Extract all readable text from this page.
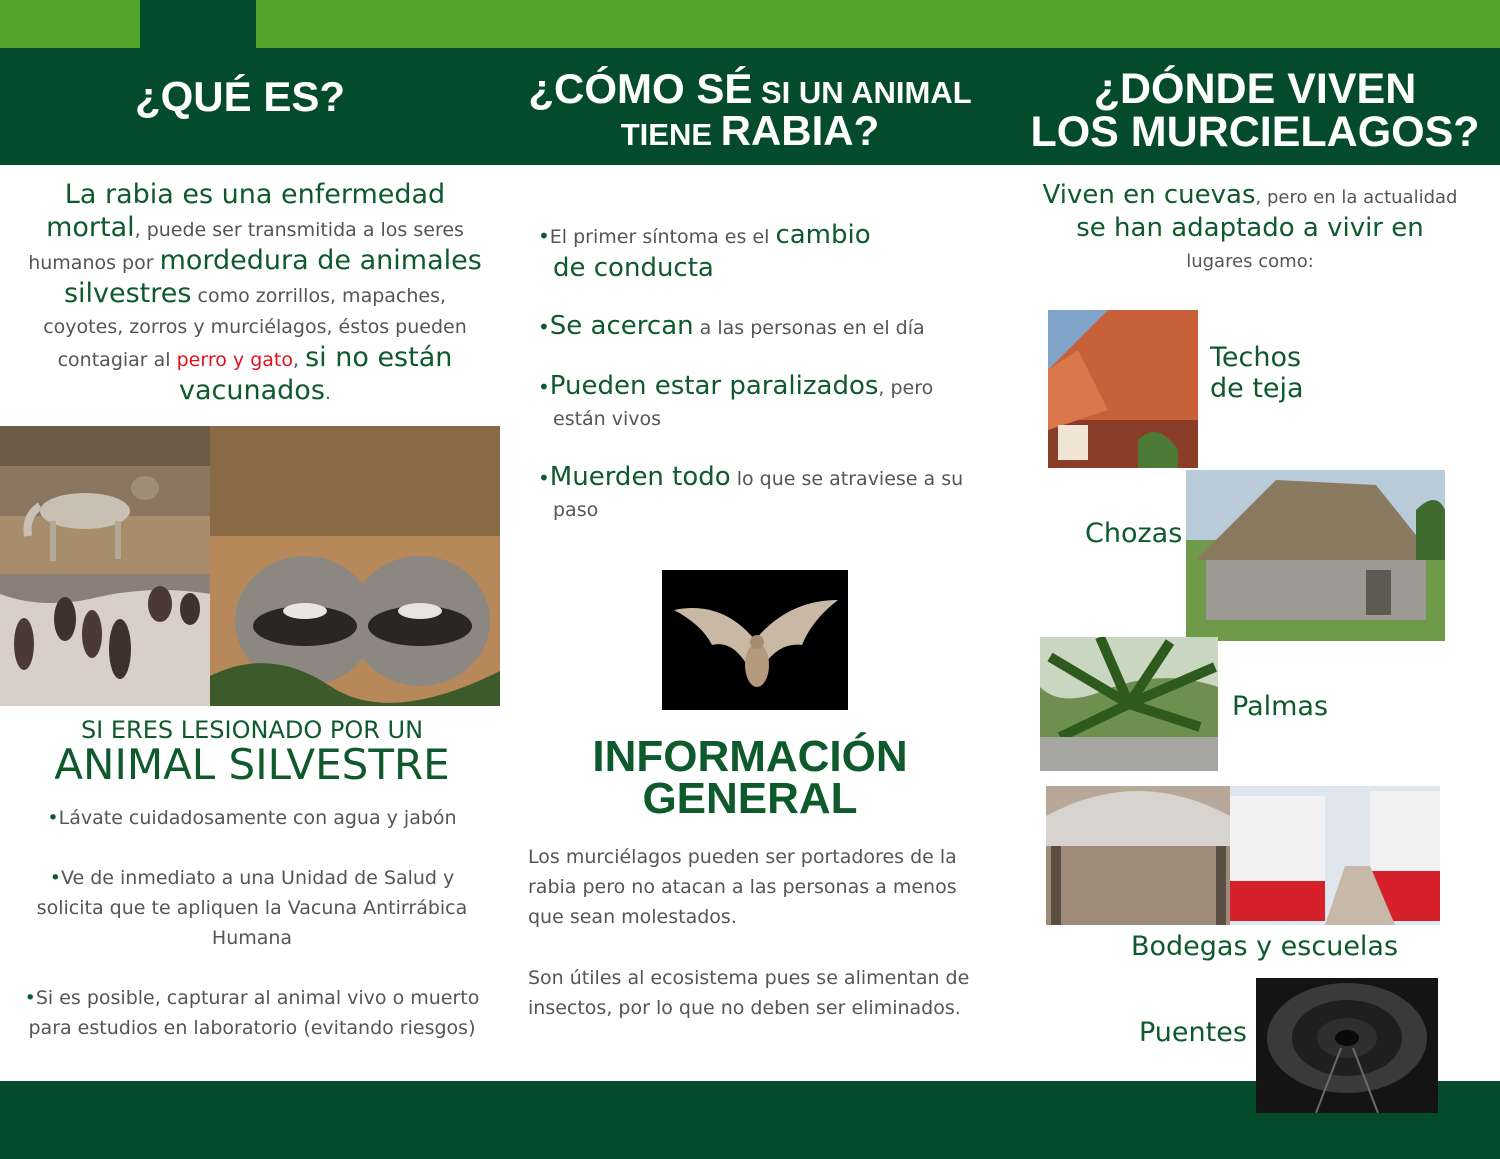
¿QUÉ ES?	¿CÓMO SÉ SI UN ANIMAL
TIENE RABIA?
¿DÓNDE VIVEN
LOS MURCIELAGOS?
La rabia es una enfermedad
mortal, puede ser transmitida a los seres
humanos por mordedura de animales
silvestres como zorrillos, mapaches,
coyotes, zorros y murciélagos, éstos pueden
contagiar al perro y gato, si no están
vacunados.
SI ERES LESIONADO POR UN
ANIMAL SILVESTRE
•Lávate cuidadosamente con agua y jabón
•Ve de inmediato a una Unidad de Salud y
solicita que te apliquen la Vacuna Antirrábica
Humana
•Si es posible, capturar al animal vivo o muerto
para estudios en laboratorio (evitando riesgos)
•El primer síntoma es el cambio
de conducta
•Se acercan a las personas en el día
•Pueden estar paralizados, pero
están vivos
•Muerden todo lo que se atraviese a su
paso
INFORMACIÓN
GENERAL
Los murciélagos pueden ser portadores de la
rabia pero no atacan a las personas a menos
que sean molestados.
Son útiles al ecosistema pues se alimentan de
insectos, por lo que no deben ser eliminados.
Viven en cuevas, pero en la actualidad
se han adaptado a vivir en
lugares como:
Techos
de teja
Chozas
Palmas
Bodegas y escuelas
Puentes
